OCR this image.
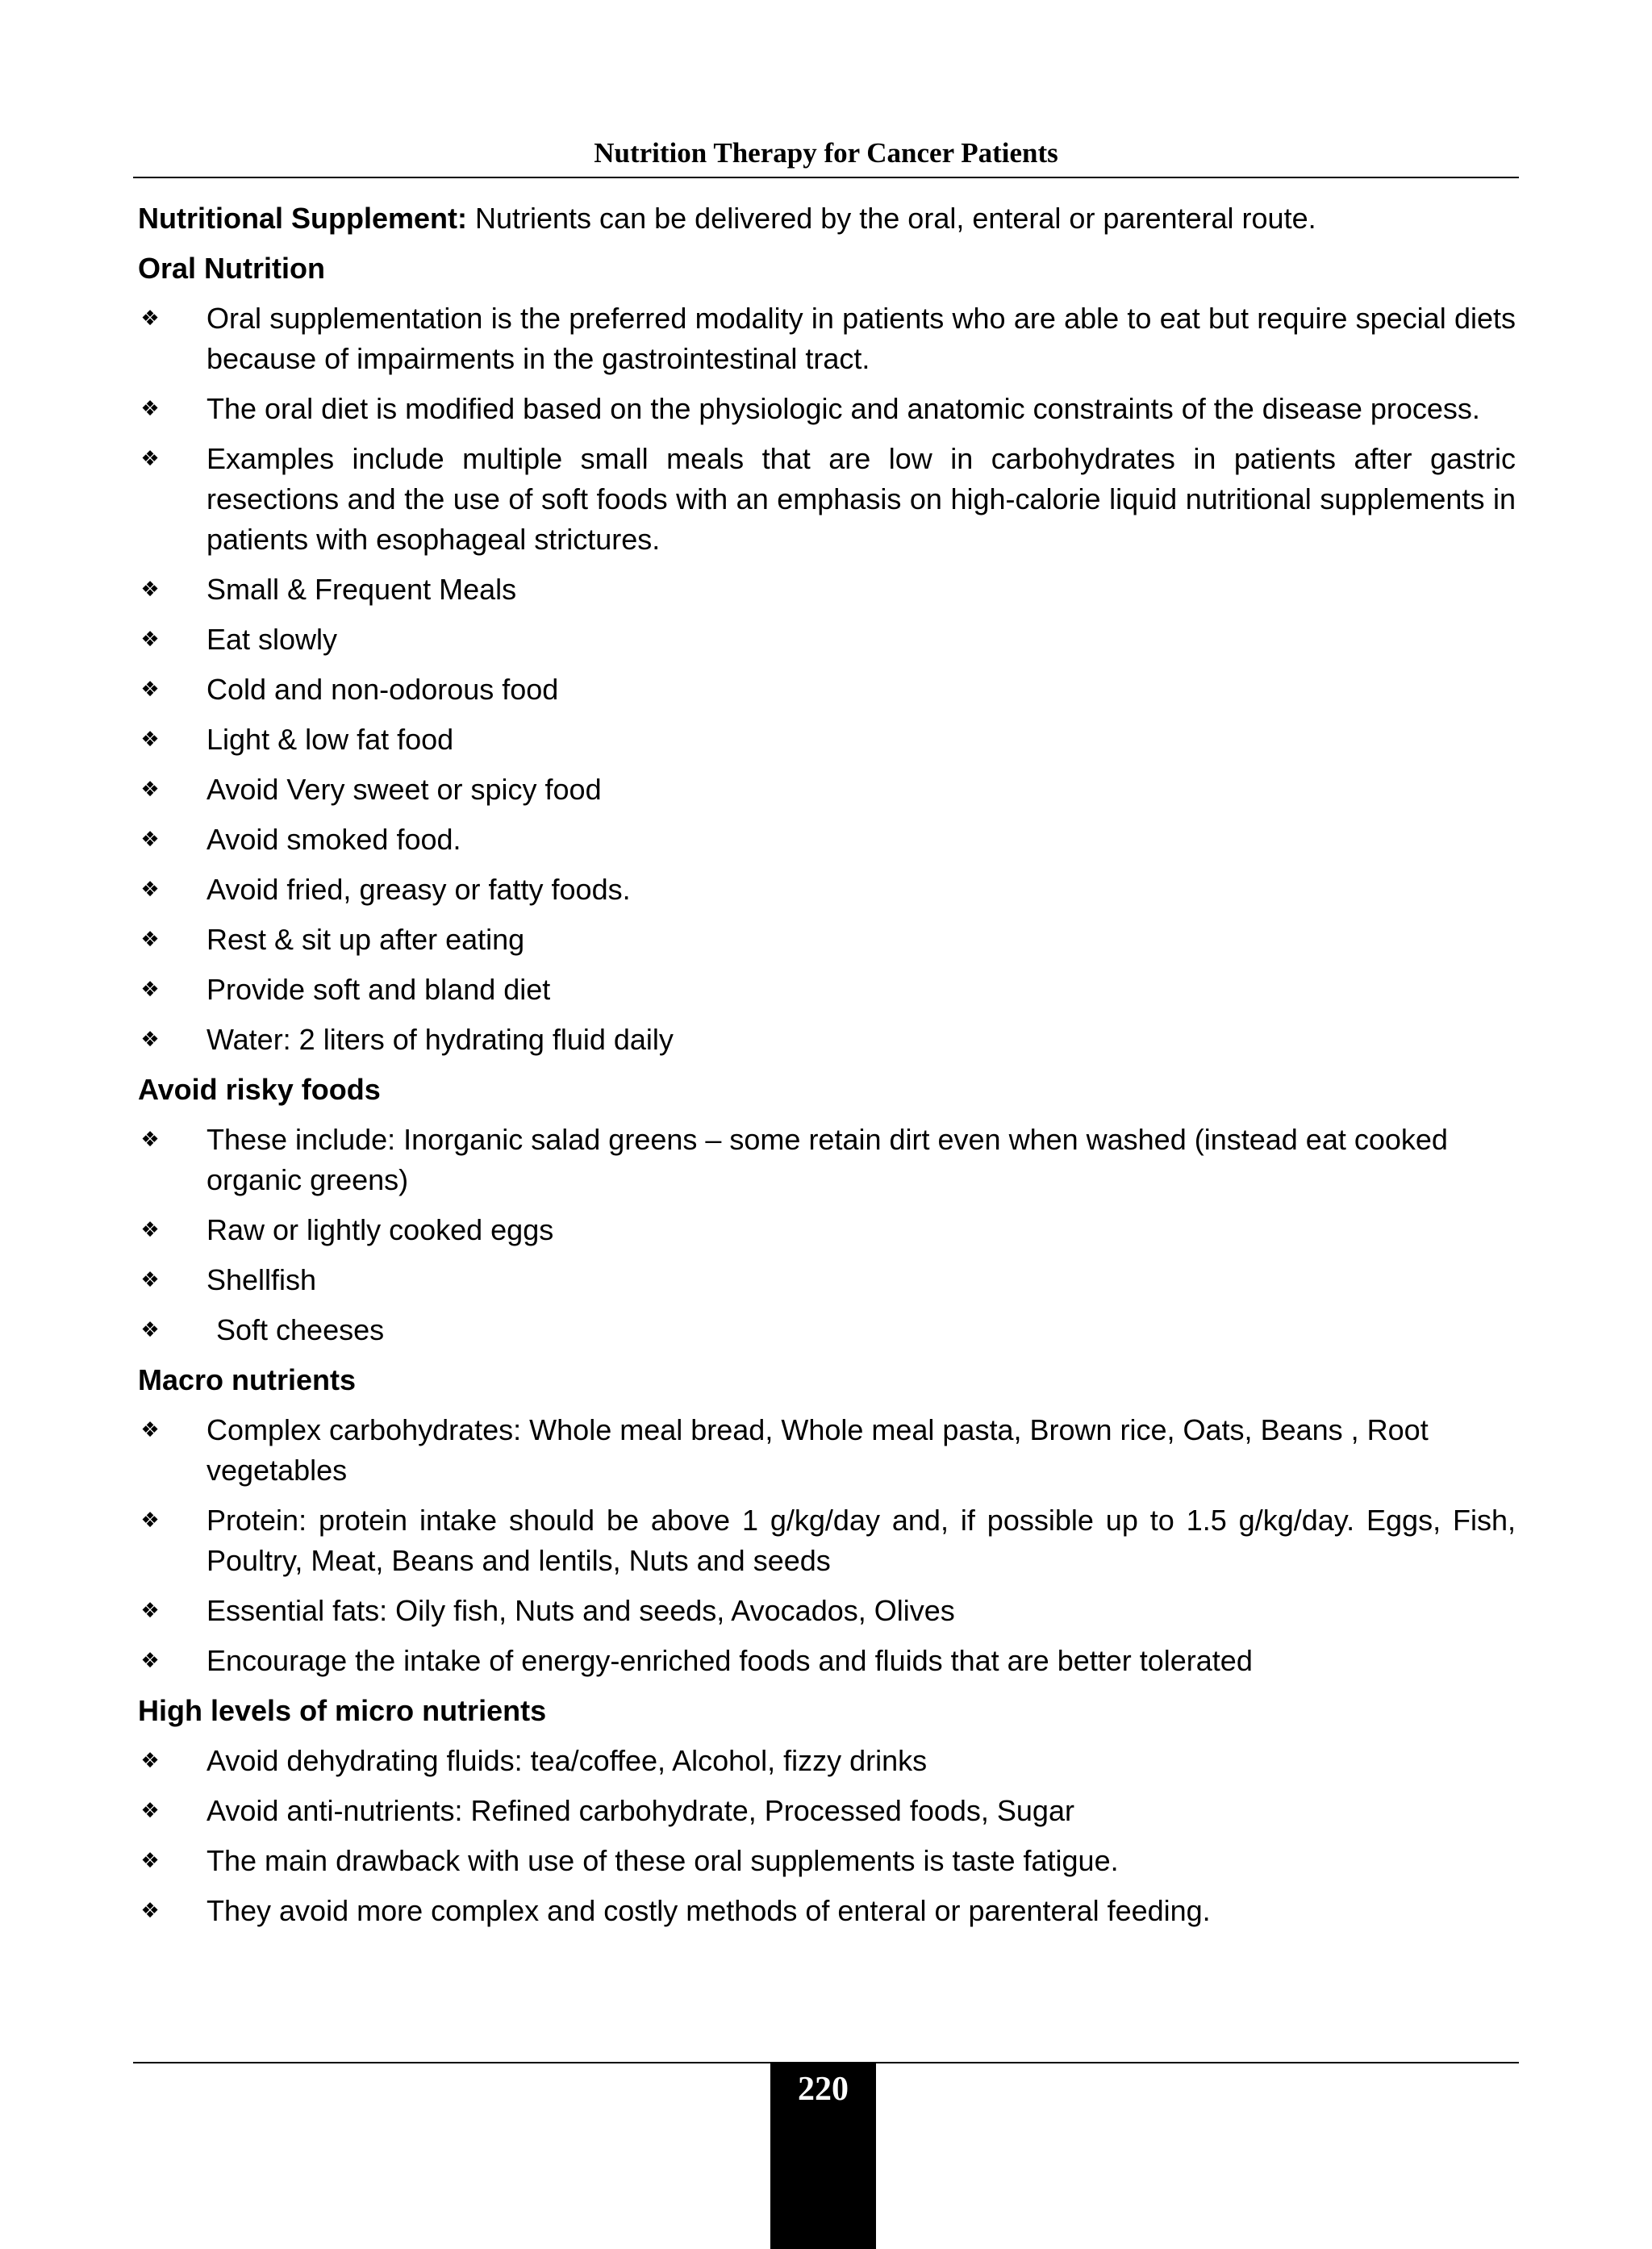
Nutrition Therapy for Cancer Patients

Nutritional Supplement: Nutrients can be delivered by the oral, enteral or parenteral route.

Oral Nutrition
❖ Oral supplementation is the preferred modality in patients who are able to eat but require special diets because of impairments in the gastrointestinal tract.
❖ The oral diet is modified based on the physiologic and anatomic constraints of the disease process.
❖ Examples include multiple small meals that are low in carbohydrates in patients after gastric resections and the use of soft foods with an emphasis on high-calorie liquid nutritional supplements in patients with esophageal strictures.
❖ Small & Frequent Meals
❖ Eat slowly
❖ Cold and non-odorous food
❖ Light & low fat food
❖ Avoid Very sweet or spicy food
❖ Avoid smoked food.
❖ Avoid fried, greasy or fatty foods.
❖ Rest & sit up after eating
❖ Provide soft and bland diet
❖ Water: 2 liters of hydrating fluid daily
Avoid risky foods
❖ These include: Inorganic salad greens – some retain dirt even when washed (instead eat cooked organic greens)
❖ Raw or lightly cooked eggs
❖ Shellfish
❖ Soft cheeses
Macro nutrients
❖ Complex carbohydrates: Whole meal bread, Whole meal pasta, Brown rice, Oats, Beans , Root vegetables
❖ Protein: protein intake should be above 1 g/kg/day and, if possible up to 1.5 g/kg/day. Eggs, Fish, Poultry, Meat, Beans and lentils, Nuts and seeds
❖ Essential fats: Oily fish, Nuts and seeds, Avocados, Olives
❖ Encourage the intake of energy-enriched foods and fluids that are better tolerated
High levels of micro nutrients
❖ Avoid dehydrating fluids: tea/coffee, Alcohol, fizzy drinks
❖ Avoid anti-nutrients: Refined carbohydrate, Processed foods, Sugar
❖ The main drawback with use of these oral supplements is taste fatigue.
❖ They avoid more complex and costly methods of enteral or parenteral feeding.
220
